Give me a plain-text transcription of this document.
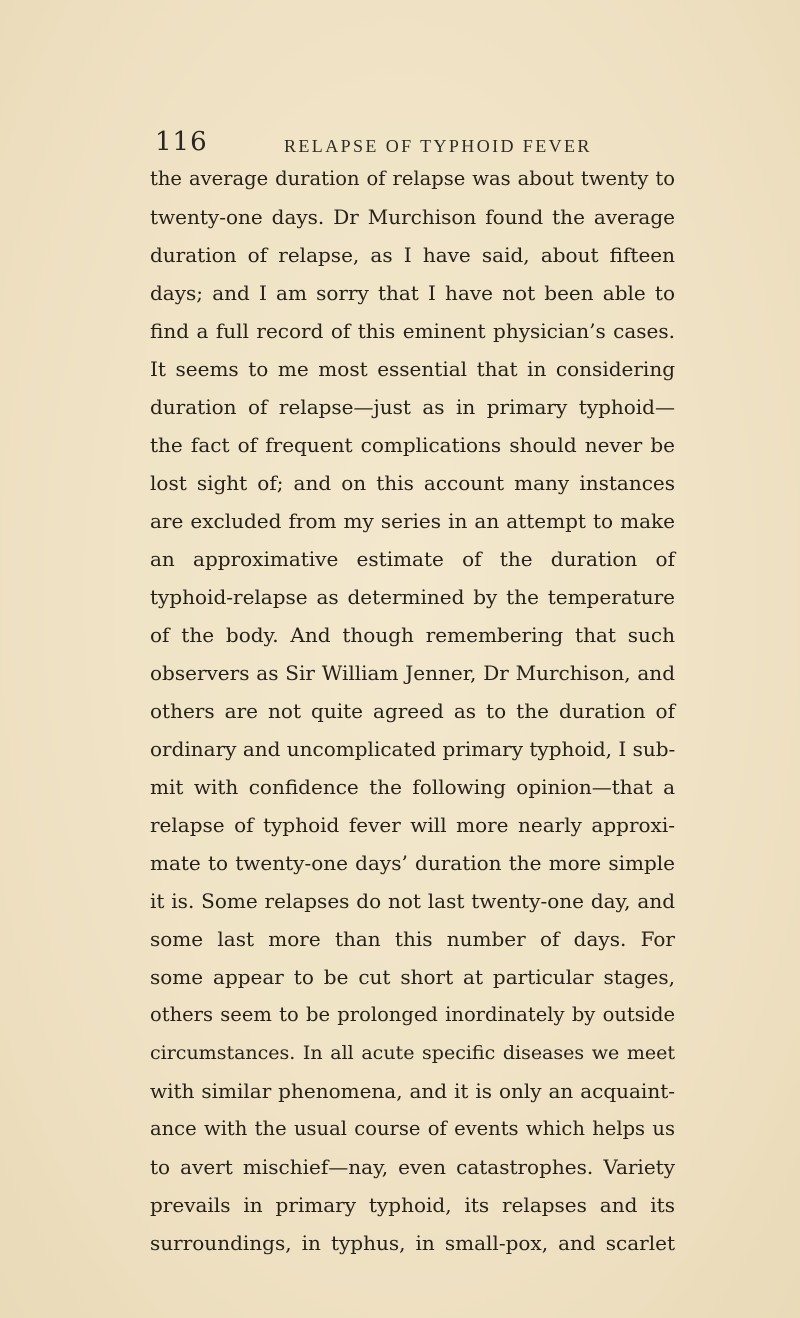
116	RELAPSE OF TYPHOID FEVER
the average duration of relapse was about twenty to
twenty-one days. Dr Murchison found the average
duration of relapse, as I have said, about fifteen
days; and I am sorry that I have not been able to
find a full record of this eminent physician’s cases.
It seems to me most essential that in considering
duration of relapse—just as in primary typhoid—
the fact of frequent complications should never be
lost sight of; and on this account many instances
are excluded from my series in an attempt to make
an approximative estimate of the duration of
typhoid-relapse as determined by the temperature
of the body. And though remembering that such
observers as Sir William Jenner, Dr Murchison, and
others are not quite agreed as to the duration of
ordinary and uncomplicated primary typhoid, I sub-
mit with confidence the following opinion—that a
relapse of typhoid fever will more nearly approxi-
mate to twenty-one days’ duration the more simple
it is. Some relapses do not last twenty-one day, and
some last more than this number of days. For
some appear to be cut short at particular stages,
others seem to be prolonged inordinately by outside
circumstances. In all acute specific diseases we meet
with similar phenomena, and it is only an acquaint-
ance with the usual course of events which helps us
to avert mischief—nay, even catastrophes. Variety
prevails in primary typhoid, its relapses and its
surroundings, in typhus, in small-pox, and scarlet
